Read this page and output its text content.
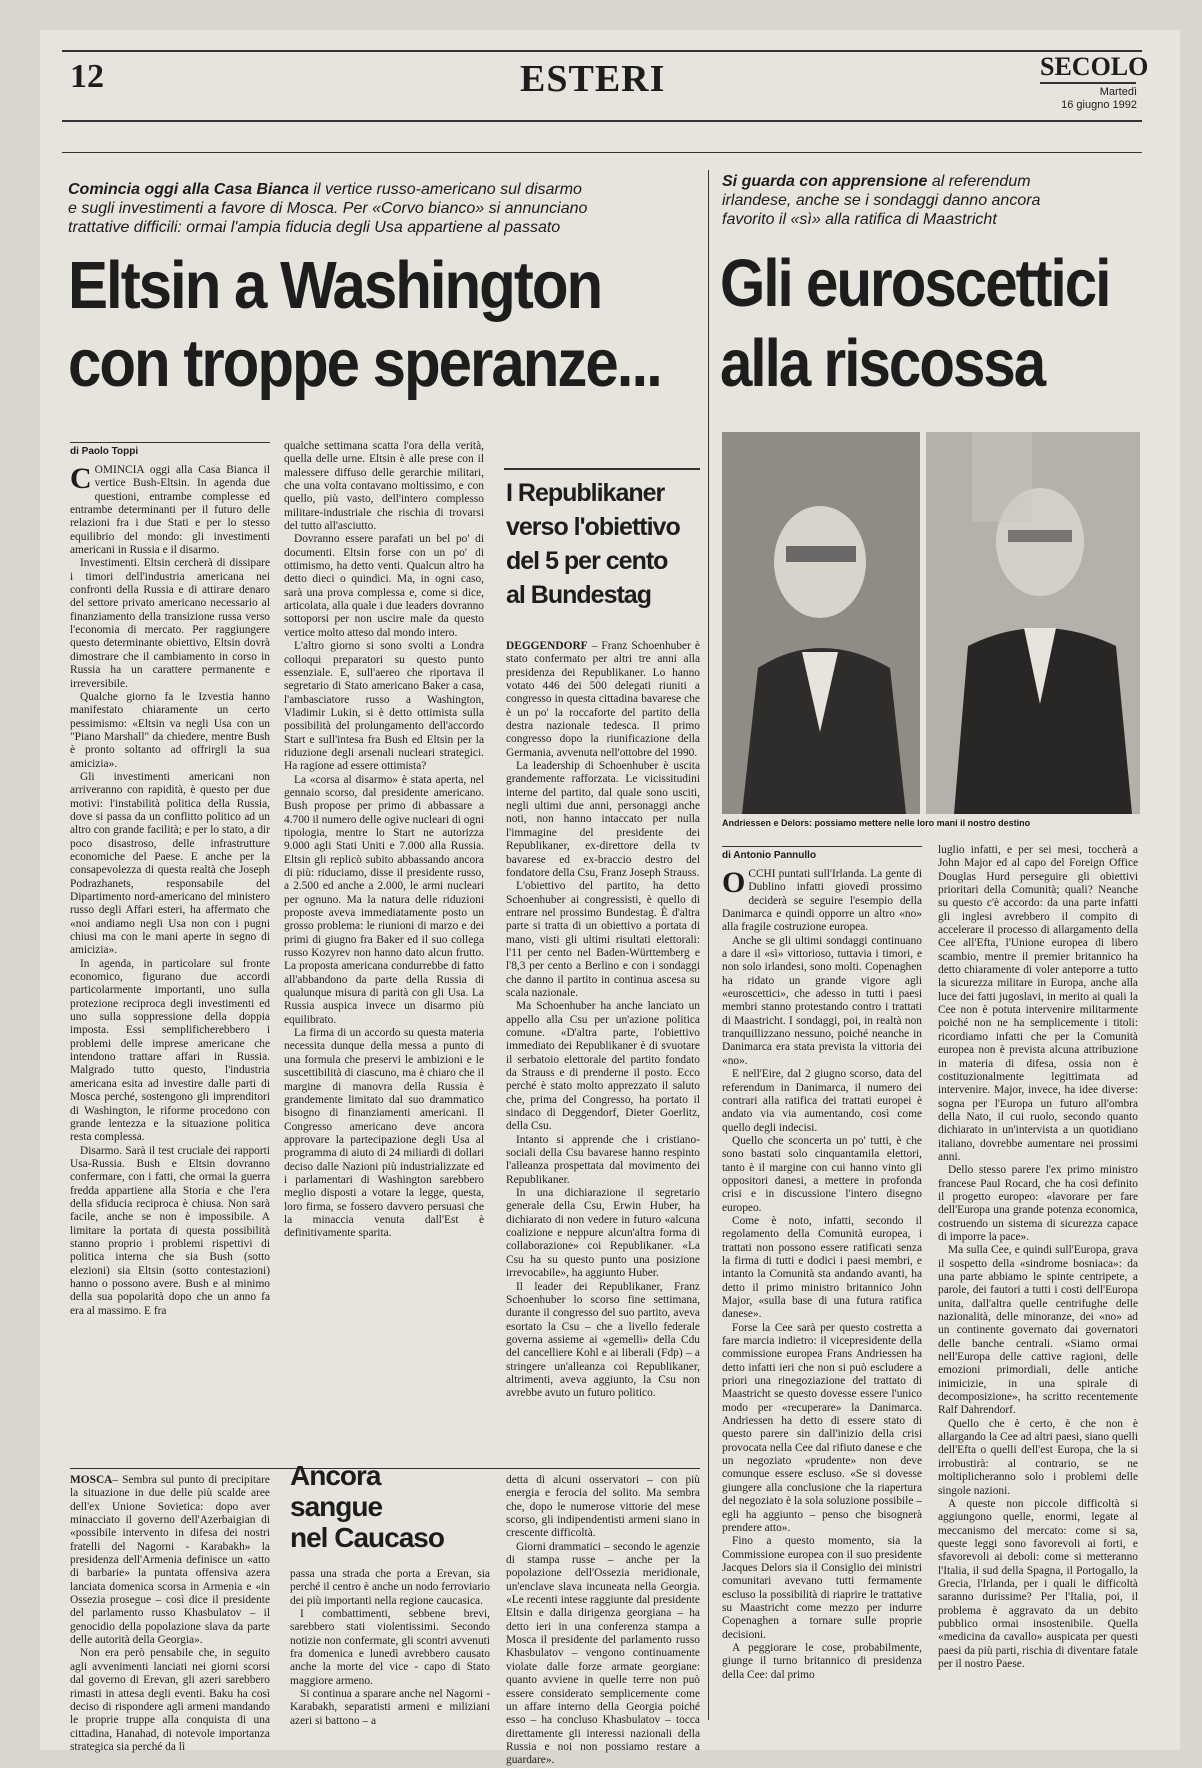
12	ESTERI	SECOLO
Martedì
16 giugno 1992
Comincia oggi alla Casa Bianca il vertice russo-americano sul disarmo
e sugli investimenti a favore di Mosca. Per «Corvo bianco» si annunciano
trattative difficili: ormai l'ampia fiducia degli Usa appartiene al passato
Eltsin a Washington
con troppe speranze...
Si guarda con apprensione al referendum
irlandese, anche se i sondaggi danno ancora
favorito il «sì» alla ratifica di Maastricht
Gli euroscettici
alla riscossa
di Paolo Toppi

COMINCIA oggi alla Casa Bianca il vertice Bush-Eltsin. In agenda due questioni, entrambe complesse ed entrambe determinanti per il futuro delle relazioni fra i due Stati e per lo stesso equilibrio del mondo: gli investimenti americani in Russia e il disarmo.

Investimenti. Eltsin cercherà di dissipare i timori dell'industria americana nei confronti della Russia e di attirare denaro del settore privato americano necessario al finanziamento della transizione russa verso l'economia di mercato. Per raggiungere questo determinante obiettivo, Eltsin dovrà dimostrare che il cambiamento in corso in Russia ha un carattere permanente e irreversibile.

Qualche giorno fa le Izvestia hanno manifestato chiaramente un certo pessimismo: «Eltsin va negli Usa con un "Piano Marshall" da chiedere, mentre Bush è pronto soltanto ad offrirgli la sua amicizia».

Gli investimenti americani non arriveranno con rapidità, è questo per due motivi: l'instabilità politica della Russia, dove si passa da un conflitto politico ad un altro con grande facilità; e per lo stato, a dir poco disastroso, delle infrastrutture economiche del Paese. E anche per la consapevolezza di questa realtà che Joseph Podrazhanets, responsabile del Dipartimento nord-americano del ministero russo degli Affari esteri, ha affermato che «noi andiamo negli Usa non con i pugni chiusi ma con le mani aperte in segno di amicizia».

In agenda, in particolare sul fronte economico, figurano due accordi particolarmente importanti, uno sulla protezione reciproca degli investimenti ed uno sulla soppressione della doppia imposta. Essi semplificherebbero i problemi delle imprese americane che intendono trattare affari in Russia. Malgrado tutto questo, l'industria americana esita ad investire dalle parti di Mosca perché, sostengono gli imprenditori di Washington, le riforme procedono con grande lentezza e la situazione politica resta complessa.

Disarmo. Sarà il test cruciale dei rapporti Usa-Russia. Bush e Eltsin dovranno confermare, con i fatti, che ormai la guerra fredda appartiene alla Storia e che l'era della sfiducia reciproca è chiusa. Non sarà facile, anche se non è impossibile. A limitare la portata di questa possibilità stanno proprio i problemi rispettivi di politica interna che sia Bush (sotto elezioni) sia Eltsin (sotto contestazioni) hanno o possono avere. Bush e al minimo della sua popolarità dopo che un anno fa era al massimo. E fra

qualche settimana scatta l'ora della verità, quella delle urne. Eltsin è alle prese con il malessere diffuso delle gerarchie militari, che una volta contavano moltissimo, e con quello, più vasto, dell'intero complesso militare-industriale che rischia di trovarsi del tutto all'asciutto.

Dovranno essere parafati un bel po' di documenti. Eltsin forse con un po' di ottimismo, ha detto venti. Qualcun altro ha detto dieci o quindici. Ma, in ogni caso, sarà una prova complessa e, come si dice, articolata, alla quale i due leaders dovranno sottoporsi per non uscire male da questo vertice molto atteso dal mondo intero.

L'altro giorno si sono svolti a Londra colloqui preparatori su questo punto essenziale. E, sull'aereo che riportava il segretario di Stato americano Baker a casa, l'ambasciatore russo a Washington, Vladimir Lukin, si è detto ottimista sulla possibilità del prolungamento dell'accordo Start e sull'intesa fra Bush ed Eltsin per la riduzione degli arsenali nucleari strategici. Ha ragione ad essere ottimista?

La «corsa al disarmo» è stata aperta, nel gennaio scorso, dal presidente americano. Bush propose per primo di abbassare a 4.700 il numero delle ogive nucleari di ogni tipologia, mentre lo Start ne autorizza 9.000 agli Stati Uniti e 7.000 alla Russia. Eltsin gli replicò subito abbassando ancora di più: riduciamo, disse il presidente russo, a 2.500 ed anche a 2.000, le armi nucleari per ognuno. Ma la natura delle riduzioni proposte aveva immediatamente posto un grosso problema: le riunioni di marzo e dei primi di giugno fra Baker ed il suo collega russo Kozyrev non hanno dato alcun frutto. La proposta americana condurrebbe di fatto all'abbandono da parte della Russia di qualunque misura di parità con gli Usa. La Russia auspica invece un disarmo più equilibrato.

La firma di un accordo su questa materia necessita dunque della messa a punto di una formula che preservi le ambizioni e le suscettibilità di ciascuno, ma è chiaro che il margine di manovra della Russia è grandemente limitato dal suo drammatico bisogno di finanziamenti americani. Il Congresso americano deve ancora approvare la partecipazione degli Usa al programma di aiuto di 24 miliardi di dollari deciso dalle Nazioni più industrializzate ed i parlamentari di Washington sarebbero meglio disposti a votare la legge, questa, loro firma, se fossero davvero persuasi che la minaccia venuta dall'Est è definitivamente sparita.

I Republikaner
verso l'obiettivo
del 5 per cento
al Bundestag

DEGGENDORF – Franz Schoenhuber è stato confermato per altri tre anni alla presidenza dei Republikaner. Lo hanno votato 446 dei 500 delegati riuniti a congresso in questa cittadina bavarese che è un po' la roccaforte del partito della destra nazionale tedesca. Il primo congresso dopo la riunificazione della Germania, avvenuta nell'ottobre del 1990.

La leadership di Schoenhuber è uscita grandemente rafforzata. Le vicissitudini interne del partito, dal quale sono usciti, negli ultimi due anni, personaggi anche noti, non hanno intaccato per nulla l'immagine del presidente dei Republikaner, ex-direttore della tv bavarese ed ex-braccio destro del fondatore della Csu, Franz Joseph Strauss.

L'obiettivo del partito, ha detto Schoenhuber ai congressisti, è quello di entrare nel prossimo Bundestag. È d'altra parte si tratta di un obiettivo a portata di mano, visti gli ultimi risultati elettorali: l'11 per cento nel Baden-Württemberg e l'8,3 per cento a Berlino e con i sondaggi che danno il partito in continua ascesa su scala nazionale.

Ma Schoenhuber ha anche lanciato un appello alla Csu per un'azione politica comune. «D'altra parte, l'obiettivo immediato dei Republikaner è di svuotare il serbatoio elettorale del partito fondato da Strauss e di prenderne il posto. Ecco perché è stato molto apprezzato il saluto che, prima del Congresso, ha portato il sindaco di Deggendorf, Dieter Goerlitz, della Csu.

Intanto si apprende che i cristiano-sociali della Csu bavarese hanno respinto l'alleanza prospettata dal movimento dei Republikaner.

In una dichiarazione il segretario generale della Csu, Erwin Huber, ha dichiarato di non vedere in futuro «alcuna coalizione e neppure alcun'altra forma di collaborazione» coi Republikaner. «La Csu ha su questo punto una posizione irrevocabile», ha aggiunto Huber.

Il leader dei Republikaner, Franz Schoenhuber lo scorso fine settimana, durante il congresso del suo partito, aveva esortato la Csu – che a livello federale governa assieme ai «gemelli» della Cdu del cancelliere Kohl e ai liberali (Fdp) – a stringere un'alleanza coi Republikaner, altrimenti, aveva aggiunto, la Csu non avrebbe avuto un futuro politico.

MOSCA– Sembra sul punto di precipitare la situazione in due delle più scalde aree dell'ex Unione Sovietica: dopo aver minacciato il governo dell'Azerbaigian di «possibile intervento in difesa dei nostri fratelli del Nagorni - Karabakh» la presidenza dell'Armenia definisce un «atto di barbarie» la puntata offensiva azera lanciata domenica scorsa in Armenia e «in Ossezia prosegue – così dice il presidente del parlamento russo Khasbulatov – il genocidio della popolazione slava da parte delle autorità della Georgia».

Non era però pensabile che, in seguito agli avvenimenti lanciati nei giorni scorsi dal governo di Erevan, gli azeri sarebbero rimasti in attesa degli eventi. Baku ha così deciso di rispondere agli armeni mandando le proprie truppe alla conquista di una cittadina, Hanahad, di notevole importanza strategica sia perché da lì

Ancora
sangue
nel Caucaso

passa una strada che porta a Erevan, sia perché il centro è anche un nodo ferroviario dei più importanti nella regione caucasica.

I combattimenti, sebbene brevi, sarebbero stati violentissimi. Secondo notizie non confermate, gli scontri avvenuti fra domenica e lunedì avrebbero causato anche la morte del vice - capo di Stato maggiore armeno.

Si continua a sparare anche nel Nagorni - Karabakh, separatisti armeni e miliziani azeri si battono – a

detta di alcuni osservatori – con più energia e ferocia del solito. Ma sembra che, dopo le numerose vittorie del mese scorso, gli indipendentisti armeni siano in crescente difficoltà.

Giorni drammatici – secondo le agenzie di stampa russe – anche per la popolazione dell'Ossezia meridionale, un'enclave slava incuneata nella Georgia. «Le recenti intese raggiunte dal presidente Eltsin e dalla dirigenza georgiana – ha detto ieri in una conferenza stampa a Mosca il presidente del parlamento russo Khasbulatov – vengono continuamente violate dalle forze armate georgiane: quanto avviene in quelle terre non può essere considerato semplicemente come un affare interno della Georgia poiché esso – ha concluso Khasbulatov – tocca direttamente gli interessi nazionali della Russia e noi non possiamo restare a guardare».

Andriessen e Delors: possiamo mettere nelle loro mani il nostro destino
di Antonio Pannullo

OCCHI puntati sull'Irlanda. La gente di Dublino infatti giovedì prossimo deciderà se seguire l'esempio della Danimarca e quindi opporre un altro «no» alla fragile costruzione europea.

Anche se gli ultimi sondaggi continuano a dare il «sì» vittorioso, tuttavia i timori, e non solo irlandesi, sono molti. Copenaghen ha ridato un grande vigore agli «euroscettici», che adesso in tutti i paesi membri stanno protestando contro i trattati di Maastricht. I sondaggi, poi, in realtà non tranquillizzano nessuno, poiché neanche in Danimarca era stata prevista la vittoria dei «no».

E nell'Eire, dal 2 giugno scorso, data del referendum in Danimarca, il numero dei contrari alla ratifica dei trattati europei è andato via via aumentando, così come quello degli indecisi.

Quello che sconcerta un po' tutti, è che sono bastati solo cinquantamila elettori, tanto è il margine con cui hanno vinto gli oppositori danesi, a mettere in profonda crisi e in discussione l'intero disegno europeo.

Come è noto, infatti, secondo il regolamento della Comunità europea, i trattati non possono essere ratificati senza la firma di tutti e dodici i paesi membri, e intanto la Comunità sta andando avanti, ha detto il primo ministro britannico John Major, «sulla base di una futura ratifica danese».

Forse la Cee sarà per questo costretta a fare marcia indietro: il vicepresidente della commissione europea Frans Andriessen ha detto infatti ieri che non si può escludere a priori una rinegoziazione del trattato di Maastricht se questo dovesse essere l'unico modo per «recuperare» la Danimarca. Andriessen ha detto di essere stato di questo parere sin dall'inizio della crisi provocata nella Cee dal rifiuto danese e che un negoziato «prudente» non deve comunque essere escluso. «Se si dovesse giungere alla conclusione che la riapertura del negoziato è la sola soluzione possibile – egli ha aggiunto – penso che bisognerà prendere atto».

Fino a questo momento, sia la Commissione europea con il suo presidente Jacques Delors sia il Consiglio dei ministri comunitari avevano tutti fermamente escluso la possibilità di riaprire le trattative su Maastricht come mezzo per indurre Copenaghen a tornare sulle proprie decisioni.

A peggiorare le cose, probabilmente, giunge il turno britannico di presidenza della Cee: dal primo

luglio infatti, e per sei mesi, toccherà a John Major ed al capo del Foreign Office Douglas Hurd perseguire gli obiettivi prioritari della Comunità; quali? Neanche su questo c'è accordo: da una parte infatti gli inglesi avrebbero il compito di accelerare il processo di allargamento della Cee all'Efta, l'Unione europea di libero scambio, mentre il premier britannico ha detto chiaramente di voler anteporre a tutto la sicurezza militare in Europa, anche alla luce dei fatti jugoslavi, in merito ai quali la Cee non è potuta intervenire militarmente poiché non ne ha semplicemente i titoli: ricordiamo infatti che per la Comunità europea non è prevista alcuna attribuzione in materia di difesa, ossia non è costituzionalmente legittimata ad intervenire. Major, invece, ha idee diverse: sogna per l'Europa un futuro all'ombra della Nato, il cui ruolo, secondo quanto dichiarato in un'intervista a un quotidiano italiano, dovrebbe aumentare nei prossimi anni.

Dello stesso parere l'ex primo ministro francese Paul Rocard, che ha così definito il progetto europeo: «lavorare per fare dell'Europa una grande potenza economica, costruendo un sistema di sicurezza capace di imporre la pace».

Ma sulla Cee, e quindi sull'Europa, grava il sospetto della «sindrome bosniaca»: da una parte abbiamo le spinte centripete, a parole, dei fautori a tutti i costi dell'Europa unita, dall'altra quelle centrifughe delle nazionalità, delle minoranze, dei «no» ad un continente governato dai governatori delle banche centrali. «Siamo ormai nell'Europa delle cattive ragioni, delle emozioni primordiali, delle antiche inimicizie, in una spirale di decomposizione», ha scritto recentemente Ralf Dahrendorf.

Quello che è certo, è che non è allargando la Cee ad altri paesi, siano quelli dell'Efta o quelli dell'est Europa, che la si irrobustirà: al contrario, se ne moltiplicheranno solo i problemi delle singole nazioni.

A queste non piccole difficoltà si aggiungono quelle, enormi, legate al meccanismo del mercato: come si sa, queste leggi sono favorevoli ai forti, e sfavorevoli ai deboli: come si metteranno l'Italia, il sud della Spagna, il Portogallo, la Grecia, l'Irlanda, per i quali le difficoltà saranno durissime? Per l'Italia, poi, il problema è aggravato da un debito pubblico ormai insostenibile. Quella «medicina da cavallo» auspicata per questi paesi da più parti, rischia di diventare fatale per il nostro Paese.
